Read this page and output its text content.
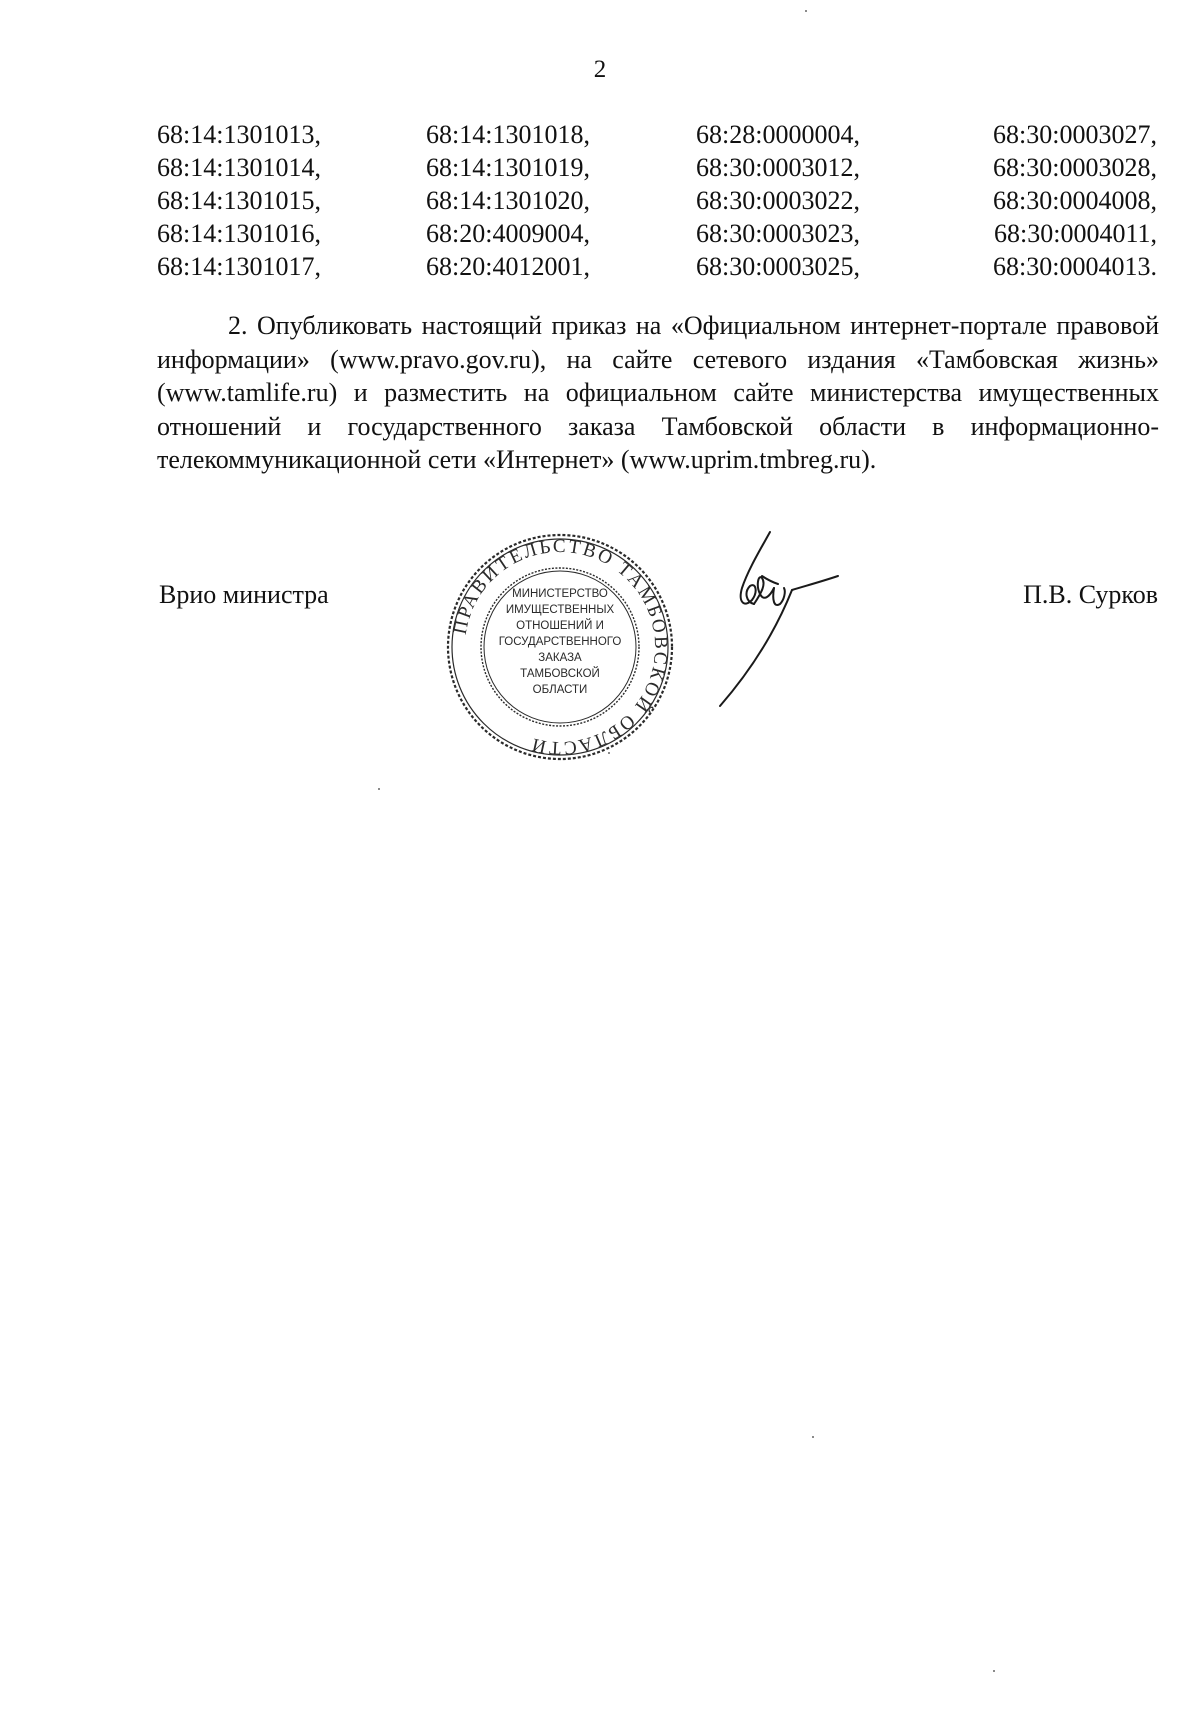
2
68:14:1301013,	68:14:1301018,	68:28:0000004,	68:30:0003027,
68:14:1301014,	68:14:1301019,	68:30:0003012,	68:30:0003028,
68:14:1301015,	68:14:1301020,	68:30:0003022,	68:30:0004008,
68:14:1301016,	68:20:4009004,	68:30:0003023,	68:30:0004011,
68:14:1301017,	68:20:4012001,	68:30:0003025,	68:30:0004013.

2. Опубликовать настоящий приказ на «Официальном интернет-портале правовой информации» (www.pravo.gov.ru), на сайте сетевого издания «Тамбовская жизнь» (www.tamlife.ru) и разместить на официальном сайте министерства имущественных отношений и государственного заказа Тамбовской области в информационно-телекоммуникационной сети «Интернет» (www.uprim.tmbreg.ru).

Врио министра	П.В. Сурков
ПРАВИТЕЛЬСТВО ТАМБОВСКОЙ ОБЛАСТИ
МИНИСТЕРСТВО
ИМУЩЕСТВЕННЫХ
ОТНОШЕНИЙ И
ГОСУДАРСТВЕННОГО
ЗАКАЗА
ТАМБОВСКОЙ
ОБЛАСТИ
